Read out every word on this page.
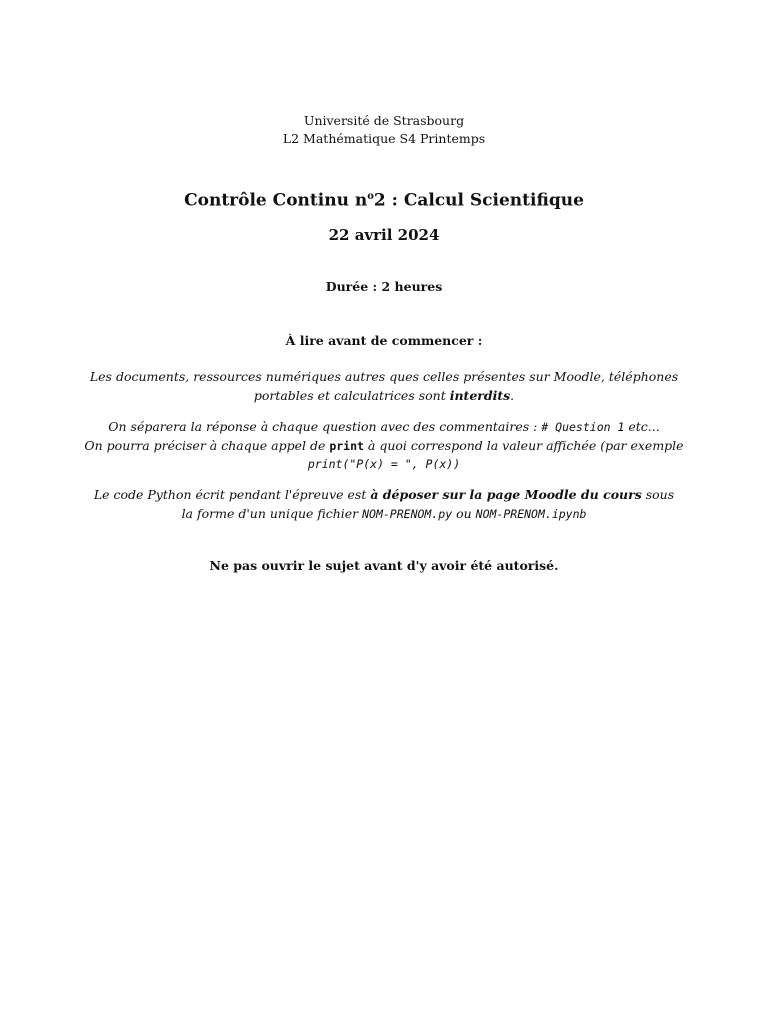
Université de Strasbourg
L2 Mathématique S4 Printemps
Contrôle Continu $n^o2$ : Calcul Scientifique
22 avril 2024
Durée : 2 heures
À lire avant de commencer :
Les documents, ressources numériques autres ques celles présentes sur Moodle, téléphones
portables et calculatrices sont interdits.
On séparera la réponse à chaque question avec des commentaires : # Question 1 etc...
On pourra préciser à chaque appel de print à quoi correspond la valeur affichée (par exemple
print("P(x) = ", P(x))
Le code Python écrit pendant l'épreuve est à déposer sur la page Moodle du cours sous
la forme d'un unique fichier NOM-PRENOM.py ou NOM-PRENOM.ipynb
Ne pas ouvrir le sujet avant d'y avoir été autorisé.
